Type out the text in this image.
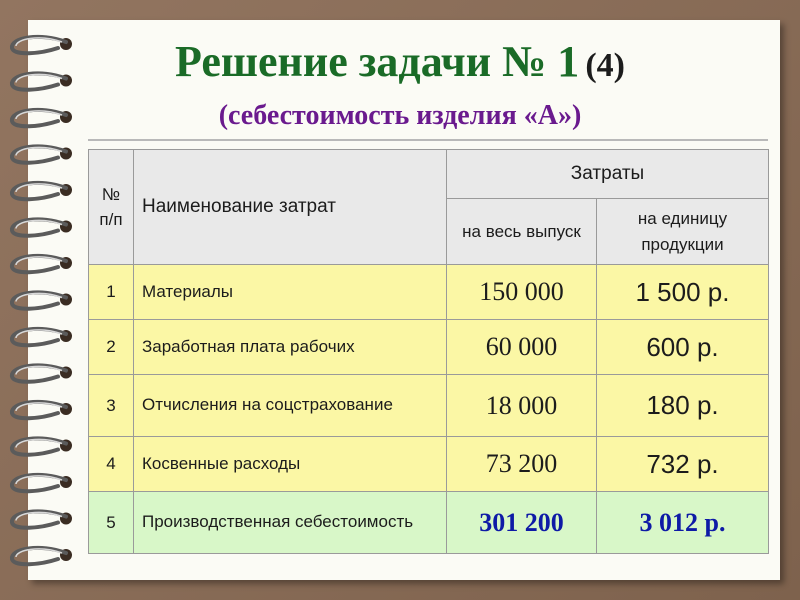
Решение задачи № 1 (4)
(себестоимость изделия «А»)
№ п/п	Наименование затрат	Затраты	
		на весь выпуск	на единицу продукции
1	Материалы	150 000	1 500 р.
2	Заработная плата рабочих	60 000	600 р.
3	Отчисления на соцстрахование	18 000	180 р.
4	Косвенные расходы	73 200	732 р.
5	Производственная себестоимость	301 200	3 012 р.
